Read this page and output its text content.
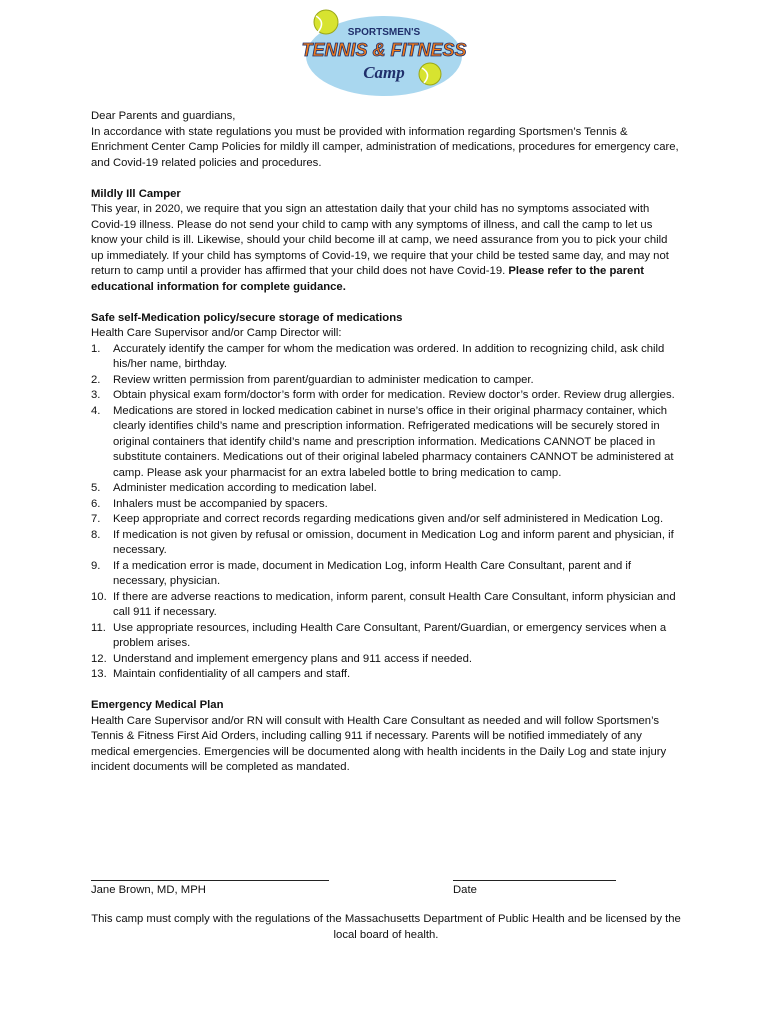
SPORTSMEN'S
TENNIS & FITNESS
Camp

Dear Parents and guardians,

In accordance with state regulations you must be provided with information regarding Sportsmen’s Tennis & Enrichment Center Camp Policies for mildly ill camper, administration of medications, procedures for emergency care, and Covid-19 related policies and procedures.

Mildly Ill Camper

This year, in 2020, we require that you sign an attestation daily that your child has no symptoms associated with Covid-19 illness. Please do not send your child to camp with any symptoms of illness, and call the camp to let us know your child is ill. Likewise, should your child become ill at camp, we need assurance from you to pick your child up immediately. If your child has symptoms of Covid-19, we require that your child be tested same day, and may not return to camp until a provider has affirmed that your child does not have Covid-19. Please refer to the parent educational information for complete guidance.

Safe self-Medication policy/secure storage of medications

Health Care Supervisor and/or Camp Director will:

1. Accurately identify the camper for whom the medication was ordered. In addition to recognizing child, ask child his/her name, birthday.
2. Review written permission from parent/guardian to administer medication to camper.
3. Obtain physical exam form/doctor’s form with order for medication. Review doctor’s order. Review drug allergies.
4. Medications are stored in locked medication cabinet in nurse’s office in their original pharmacy container, which clearly identifies child’s name and prescription information. Refrigerated medications will be securely stored in original containers that identify child’s name and prescription information. Medications CANNOT be placed in substitute containers. Medications out of their original labeled pharmacy containers CANNOT be administered at camp. Please ask your pharmacist for an extra labeled bottle to bring medication to camp.
5. Administer medication according to medication label.
6. Inhalers must be accompanied by spacers.
7. Keep appropriate and correct records regarding medications given and/or self administered in Medication Log.
8. If medication is not given by refusal or omission, document in Medication Log and inform parent and physician, if necessary.
9. If a medication error is made, document in Medication Log, inform Health Care Consultant, parent and if necessary, physician.
10. If there are adverse reactions to medication, inform parent, consult Health Care Consultant, inform physician and call 911 if necessary.
11. Use appropriate resources, including Health Care Consultant, Parent/Guardian, or emergency services when a problem arises.
12. Understand and implement emergency plans and 911 access if needed.
13. Maintain confidentiality of all campers and staff.

Emergency Medical Plan

Health Care Supervisor and/or RN will consult with Health Care Consultant as needed and will follow Sportsmen’s Tennis & Fitness First Aid Orders, including calling 911 if necessary. Parents will be notified immediately of any medical emergencies. Emergencies will be documented along with health incidents in the Daily Log and state injury incident documents will be completed as mandated.

Jane Brown, MD, MPH	Date

This camp must comply with the regulations of the Massachusetts Department of Public Health and be licensed by the local board of health.
